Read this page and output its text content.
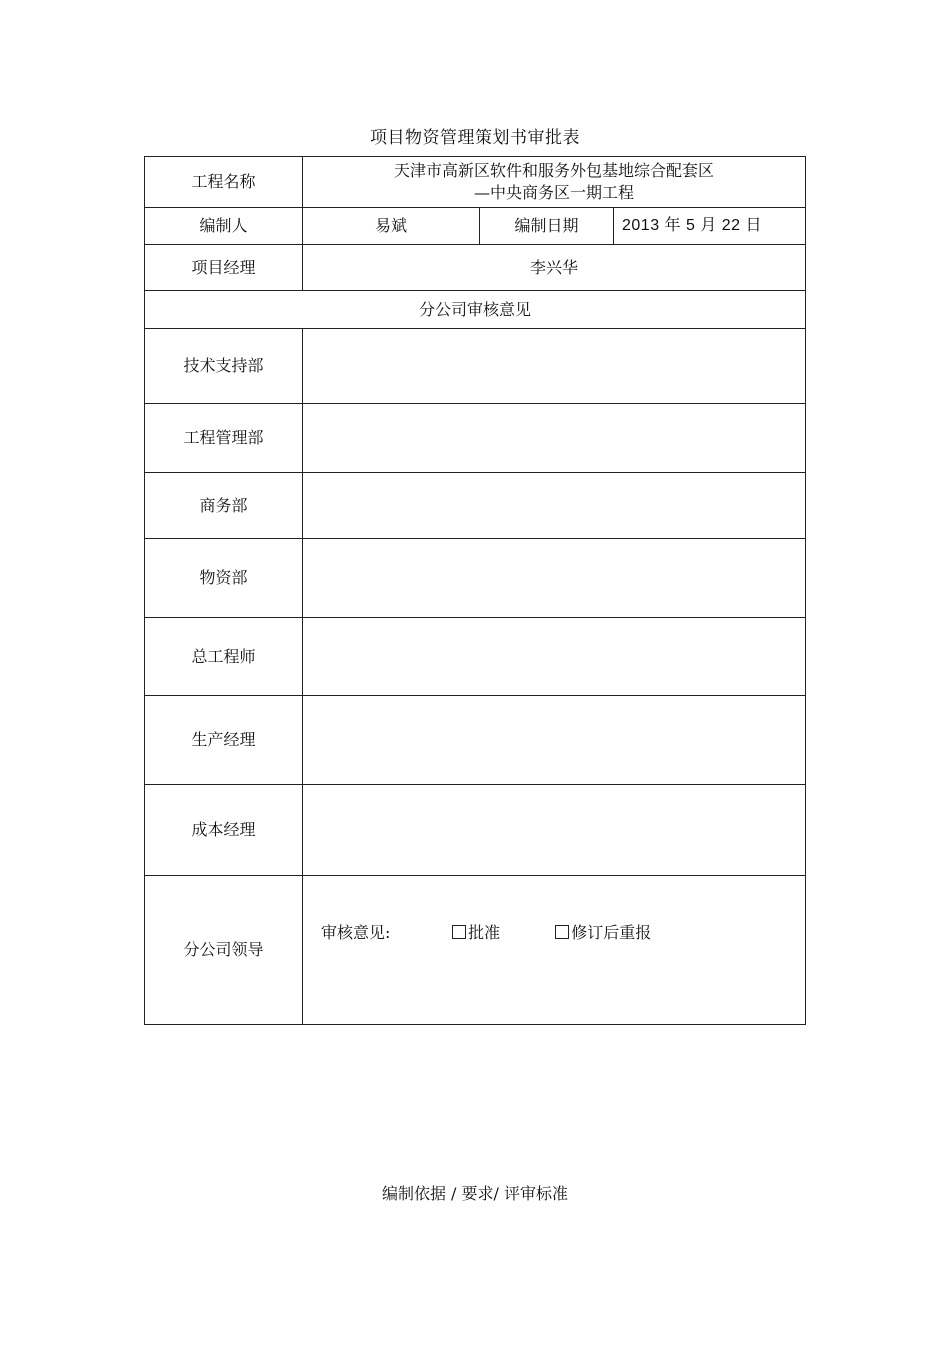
项目物资管理策划书审批表
工程名称	天津市高新区软件和服务外包基地综合配套区
—中央商务区一期工程		

编制人	易斌	编制日期	2013 年 5 月 22 日
项目经理	李兴华		
分公司审核意见			
技术支持部			
工程管理部			
商务部			
物资部			
总工程师			
生产经理			
成本经理			
分公司领导	审核意见: 批准 修订后重报		
编制依据 / 要求/ 评审标准
